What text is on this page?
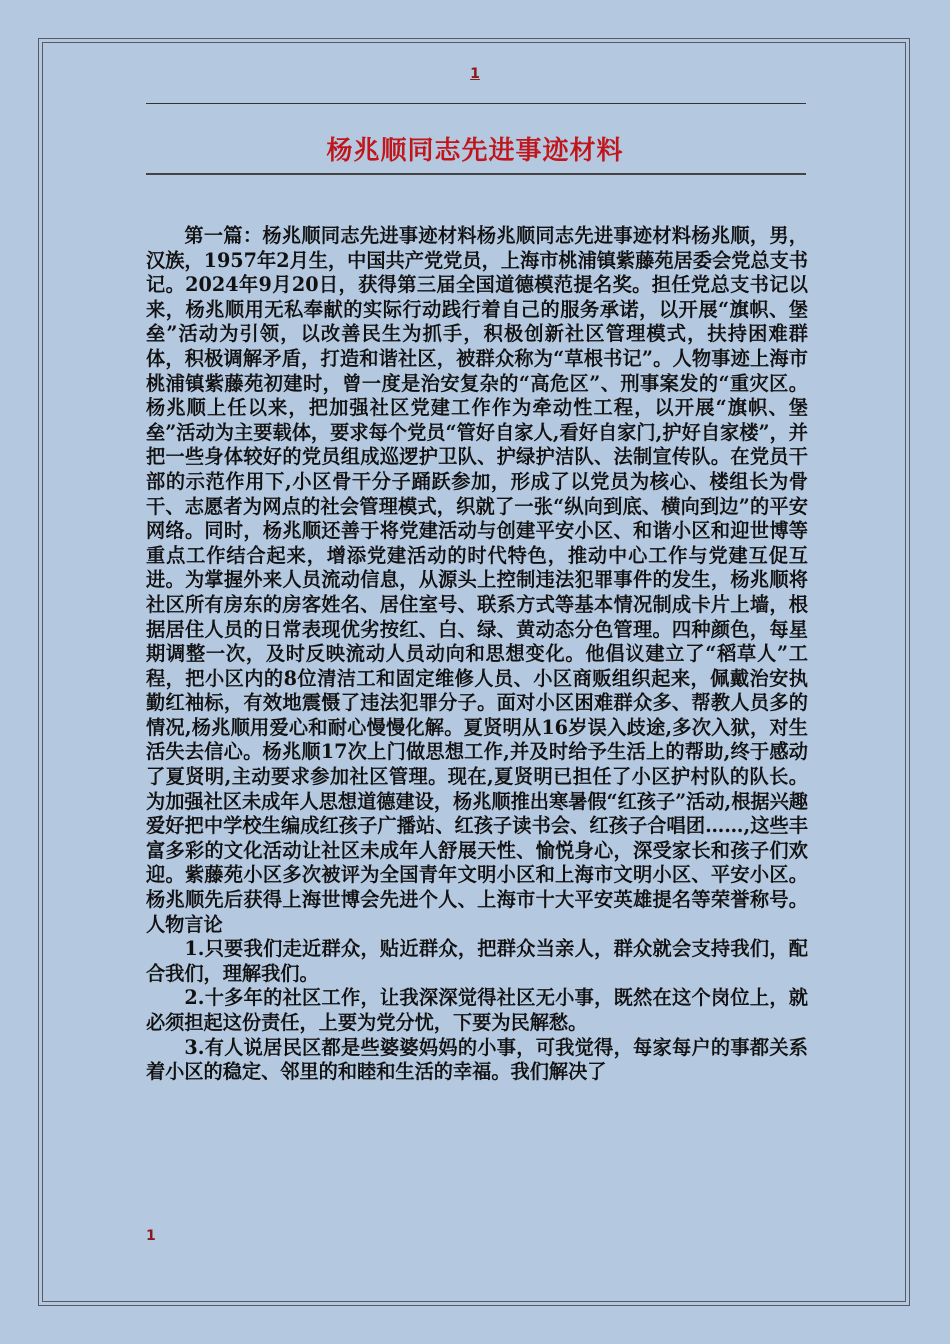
1
杨兆顺同志先进事迹材料

第一篇：杨兆顺同志先进事迹材料杨兆顺同志先进事迹材料杨兆顺，男，汉族，1957年2月生，中国共产党党员，上海市桃浦镇紫藤苑居委会党总支书记。2024年9月20日，获得第三届全国道德模范提名奖。担任党总支书记以来，杨兆顺用无私奉献的实际行动践行着自己的服务承诺，以开展“旗帜、堡垒”活动为引领，以改善民生为抓手，积极创新社区管理模式，扶持困难群体，积极调解矛盾，打造和谐社区，被群众称为“草根书记”。人物事迹上海市桃浦镇紫藤苑初建时，曾一度是治安复杂的“高危区”、刑事案发的“重灾区。杨兆顺上任以来，把加强社区党建工作作为牵动性工程，以开展“旗帜、堡垒”活动为主要载体，要求每个党员“管好自家人,看好自家门,护好自家楼”，并把一些身体较好的党员组成巡逻护卫队、护绿护洁队、法制宣传队。在党员干部的示范作用下,小区骨干分子踊跃参加，形成了以党员为核心、楼组长为骨干、志愿者为网点的社会管理模式，织就了一张“纵向到底、横向到边”的平安网络。同时，杨兆顺还善于将党建活动与创建平安小区、和谐小区和迎世博等重点工作结合起来，增添党建活动的时代特色，推动中心工作与党建互促互进。为掌握外来人员流动信息，从源头上控制违法犯罪事件的发生，杨兆顺将社区所有房东的房客姓名、居住室号、联系方式等基本情况制成卡片上墙，根据居住人员的日常表现优劣按红、白、绿、黄动态分色管理。四种颜色，每星期调整一次，及时反映流动人员动向和思想变化。他倡议建立了“稻草人”工程，把小区内的8位清洁工和固定维修人员、小区商贩组织起来，佩戴治安执勤红袖标，有效地震慑了违法犯罪分子。面对小区困难群众多、帮教人员多的情况,杨兆顺用爱心和耐心慢慢化解。夏贤明从16岁误入歧途,多次入狱，对生活失去信心。杨兆顺17次上门做思想工作,并及时给予生活上的帮助,终于感动了夏贤明,主动要求参加社区管理。现在,夏贤明已担任了小区护村队的队长。为加强社区未成年人思想道德建设，杨兆顺推出寒暑假“红孩子”活动,根据兴趣爱好把中学校生编成红孩子广播站、红孩子读书会、红孩子合唱团……,这些丰富多彩的文化活动让社区未成年人舒展天性、愉悦身心，深受家长和孩子们欢迎。紫藤苑小区多次被评为全国青年文明小区和上海市文明小区、平安小区。杨兆顺先后获得上海世博会先进个人、上海市十大平安英雄提名等荣誉称号。人物言论

1.只要我们走近群众，贴近群众，把群众当亲人，群众就会支持我们，配合我们，理解我们。

2.十多年的社区工作，让我深深觉得社区无小事，既然在这个岗位上，就必须担起这份责任，上要为党分忧，下要为民解愁。

3.有人说居民区都是些婆婆妈妈的小事，可我觉得，每家每户的事都关系着小区的稳定、邻里的和睦和生活的幸福。我们解决了

1
